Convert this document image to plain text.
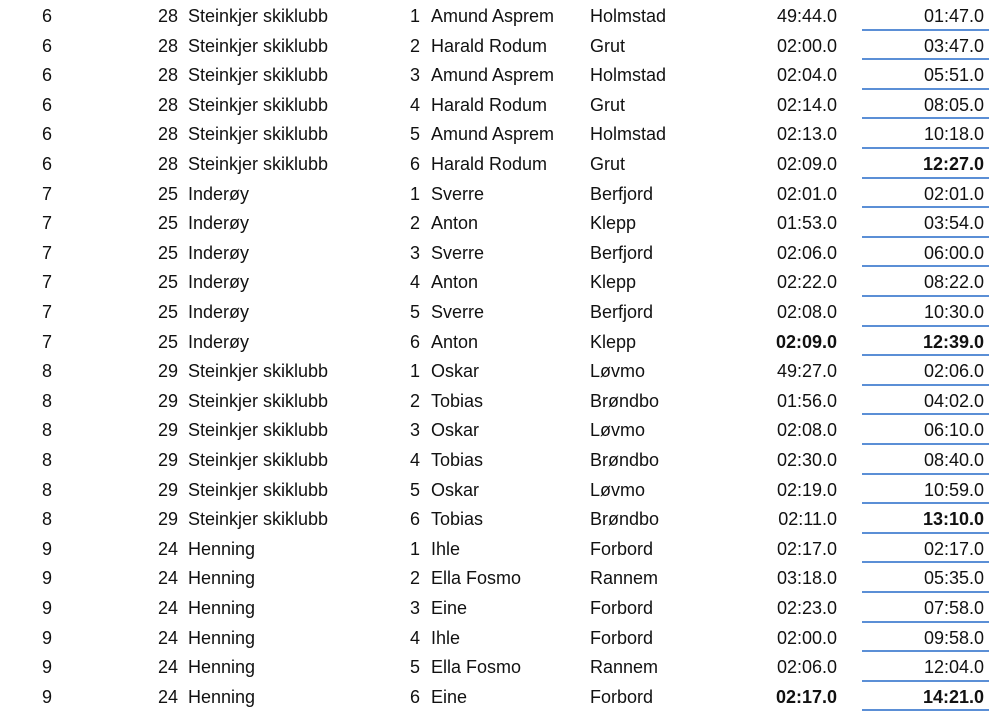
6	28 Steinkjer skiklubb	1 Amund Asprem	Holmstad	49:44.0	01:47.0
6	28 Steinkjer skiklubb	2 Harald Rodum	Grut	02:00.0	03:47.0
6	28 Steinkjer skiklubb	3 Amund Asprem	Holmstad	02:04.0	05:51.0
6	28 Steinkjer skiklubb	4 Harald Rodum	Grut	02:14.0	08:05.0
6	28 Steinkjer skiklubb	5 Amund Asprem	Holmstad	02:13.0	10:18.0
6	28 Steinkjer skiklubb	6 Harald Rodum	Grut	02:09.0	12:27.0
7	25 Inderøy	1 Sverre	Berfjord	02:01.0	02:01.0
7	25 Inderøy	2 Anton	Klepp	01:53.0	03:54.0
7	25 Inderøy	3 Sverre	Berfjord	02:06.0	06:00.0
7	25 Inderøy	4 Anton	Klepp	02:22.0	08:22.0
7	25 Inderøy	5 Sverre	Berfjord	02:08.0	10:30.0
7	25 Inderøy	6 Anton	Klepp	02:09.0	12:39.0
8	29 Steinkjer skiklubb	1 Oskar	Løvmo	49:27.0	02:06.0
8	29 Steinkjer skiklubb	2 Tobias	Brøndbo	01:56.0	04:02.0
8	29 Steinkjer skiklubb	3 Oskar	Løvmo	02:08.0	06:10.0
8	29 Steinkjer skiklubb	4 Tobias	Brøndbo	02:30.0	08:40.0
8	29 Steinkjer skiklubb	5 Oskar	Løvmo	02:19.0	10:59.0
8	29 Steinkjer skiklubb	6 Tobias	Brøndbo	02:11.0	13:10.0
9	24 Henning	1 Ihle	Forbord	02:17.0	02:17.0
9	24 Henning	2 Ella Fosmo	Rannem	03:18.0	05:35.0
9	24 Henning	3 Eine	Forbord	02:23.0	07:58.0
9	24 Henning	4 Ihle	Forbord	02:00.0	09:58.0
9	24 Henning	5 Ella Fosmo	Rannem	02:06.0	12:04.0
9	24 Henning	6 Eine	Forbord	02:17.0	14:21.0
